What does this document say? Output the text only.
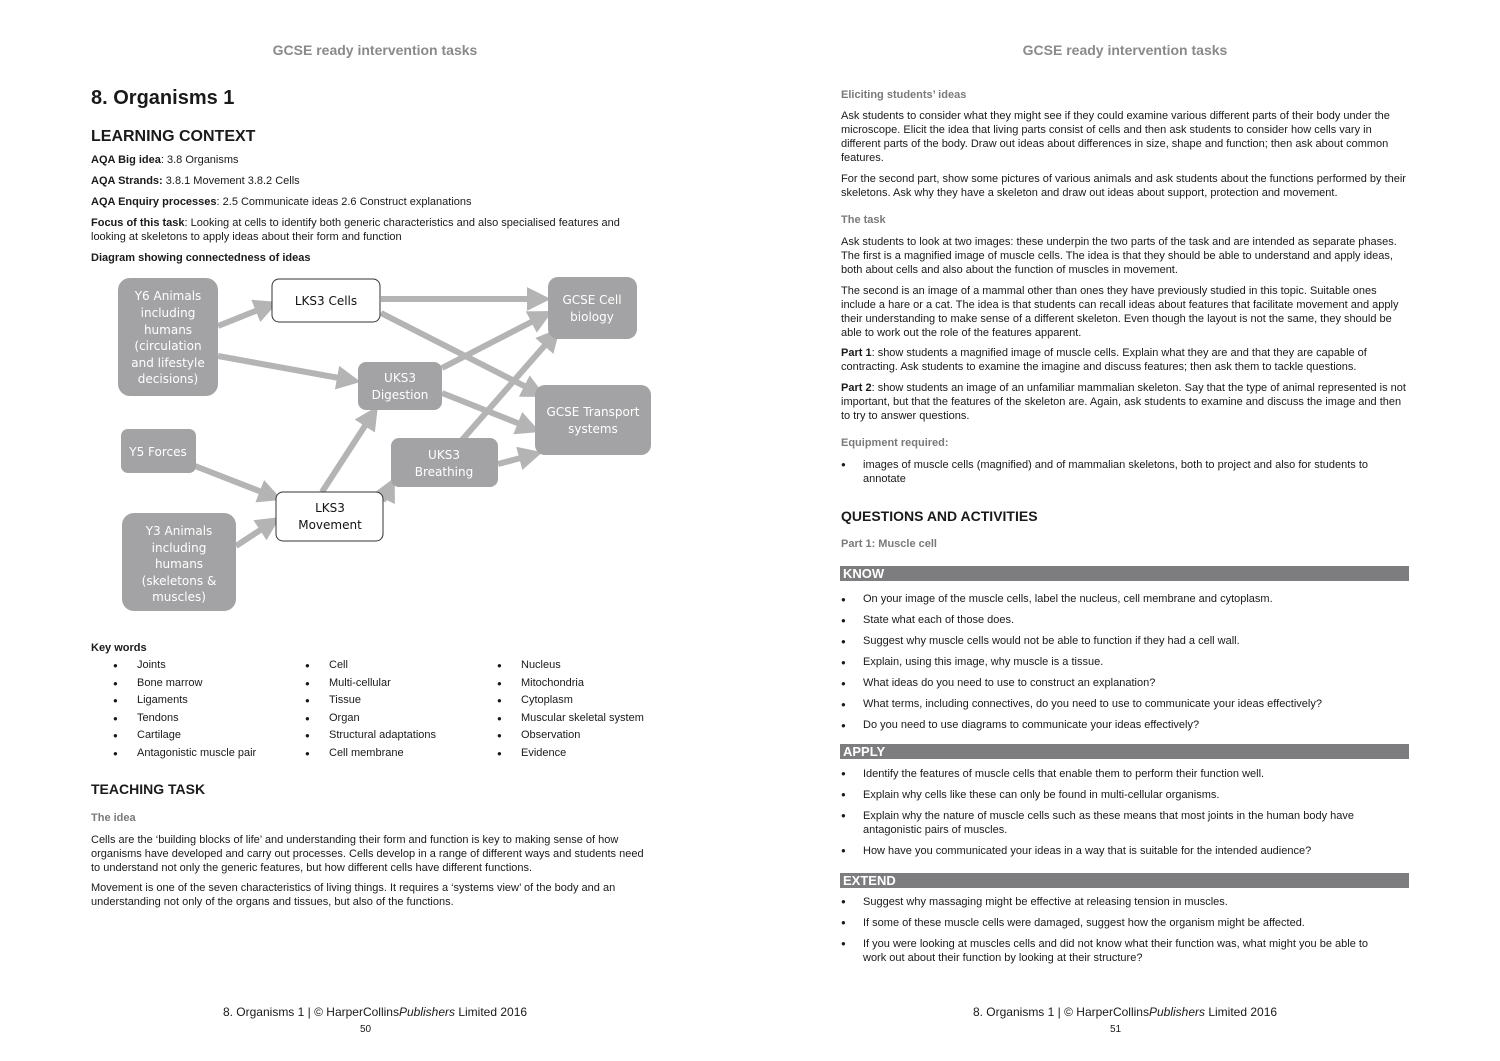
GCSE ready intervention tasks
8. Organisms 1
LEARNING CONTEXT

AQA Big idea: 3.8 Organisms

AQA Strands: 3.8.1 Movement 3.8.2 Cells

AQA Enquiry processes: 2.5 Communicate ideas 2.6 Construct explanations

Focus of this task: Looking at cells to identify both generic characteristics and also specialised features and looking at skeletons to apply ideas about their form and function

Diagram showing connectedness of ideas

Y6 Animals
including
humans
(circulation
and lifestyle
decisions)
LKS3 Cells	GCSE Cell
biology
UKS3
Digestion
GCSE Transport
systems
Y5 Forces	UKS3
Breathing
LKS3
Movement
Y3 Animals
including
humans
(skeletons &
muscles)

Key words

● Joints
● Bone marrow
● Ligaments
● Tendons
● Cartilage
● Antagonistic muscle pair
● Cell
● Multi-cellular
● Tissue
● Organ
● Structural adaptations
● Cell membrane
● Nucleus
● Mitochondria
● Cytoplasm
● Muscular skeletal system
● Observation
● Evidence
TEACHING TASK
The idea

Cells are the ‘building blocks of life’ and understanding their form and function is key to making sense of how organisms have developed and carry out processes. Cells develop in a range of different ways and students need to understand not only the generic features, but how different cells have different functions.

Movement is one of the seven characteristics of living things. It requires a ‘systems view’ of the body and an understanding not only of the organs and tissues, but also of the functions.

8. Organisms 1 | © HarperCollinsPublishers Limited 2016
50
GCSE ready intervention tasks
Eliciting students’ ideas

Ask students to consider what they might see if they could examine various different parts of their body under the microscope. Elicit the idea that living parts consist of cells and then ask students to consider how cells vary in different parts of the body. Draw out ideas about differences in size, shape and function; then ask about common features.

For the second part, show some pictures of various animals and ask students about the functions performed by their skeletons. Ask why they have a skeleton and draw out ideas about support, protection and movement.

The task

Ask students to look at two images: these underpin the two parts of the task and are intended as separate phases. The first is a magnified image of muscle cells. The idea is that they should be able to understand and apply ideas, both about cells and also about the function of muscles in movement.

The second is an image of a mammal other than ones they have previously studied in this topic. Suitable ones include a hare or a cat. The idea is that students can recall ideas about features that facilitate movement and apply their understanding to make sense of a different skeleton. Even though the layout is not the same, they should be able to work out the role of the features apparent.

Part 1: show students a magnified image of muscle cells. Explain what they are and that they are capable of contracting. Ask students to examine the imagine and discuss features; then ask them to tackle questions.

Part 2: show students an image of an unfamiliar mammalian skeleton. Say that the type of animal represented is not important, but that the features of the skeleton are. Again, ask students to examine and discuss the image and then to try to answer questions.

Equipment required:
● images of muscle cells (magnified) and of mammalian skeletons, both to project and also for students to annotate
QUESTIONS AND ACTIVITIES
Part 1: Muscle cell
KNOW
● On your image of the muscle cells, label the nucleus, cell membrane and cytoplasm.
● State what each of those does.
● Suggest why muscle cells would not be able to function if they had a cell wall.
● Explain, using this image, why muscle is a tissue.
● What ideas do you need to use to construct an explanation?
● What terms, including connectives, do you need to use to communicate your ideas effectively?
● Do you need to use diagrams to communicate your ideas effectively?
APPLY
● Identify the features of muscle cells that enable them to perform their function well.
● Explain why cells like these can only be found in multi-cellular organisms.
● Explain why the nature of muscle cells such as these means that most joints in the human body have antagonistic pairs of muscles.
● How have you communicated your ideas in a way that is suitable for the intended audience?
EXTEND
● Suggest why massaging might be effective at releasing tension in muscles.
● If some of these muscle cells were damaged, suggest how the organism might be affected.
● If you were looking at muscles cells and did not know what their function was, what might you be able to work out about their function by looking at their structure?
8. Organisms 1 | © HarperCollinsPublishers Limited 2016
51
